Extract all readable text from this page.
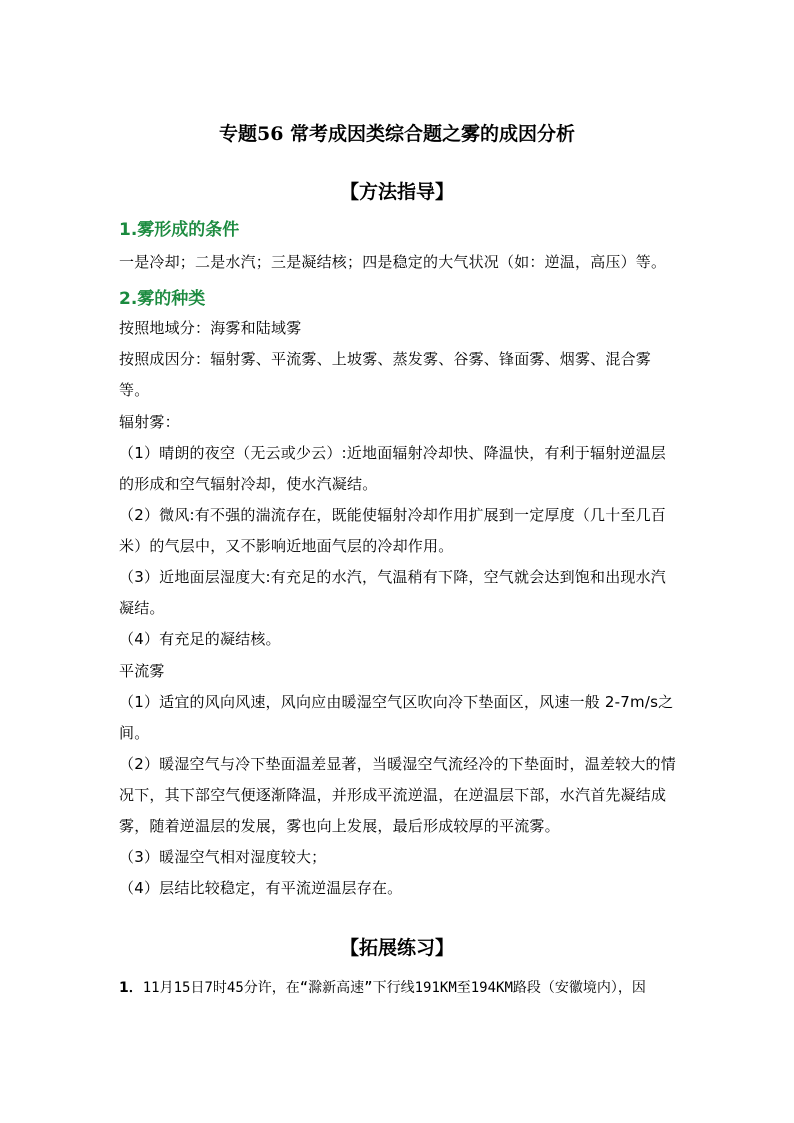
专题56 常考成因类综合题之雾的成因分析
【方法指导】
1.雾形成的条件
一是冷却；二是水汽；三是凝结核；四是稳定的大气状况（如：逆温，高压）等。
2.雾的种类
按照地域分：海雾和陆域雾
按照成因分：辐射雾、平流雾、上坡雾、蒸发雾、谷雾、锋面雾、烟雾、混合雾等。
辐射雾：
（1）晴朗的夜空（无云或少云）:近地面辐射冷却快、降温快，有利于辐射逆温层的形成和空气辐射冷却，使水汽凝结。
（2）微风:有不强的湍流存在，既能使辐射冷却作用扩展到一定厚度（几十至几百米）的气层中，又不影响近地面气层的冷却作用。
（3）近地面层湿度大:有充足的水汽，气温稍有下降，空气就会达到饱和出现水汽凝结。
（4）有充足的凝结核。
平流雾
（1）适宜的风向风速，风向应由暖湿空气区吹向冷下垫面区，风速一般 2-7m/s之间。
（2）暖湿空气与冷下垫面温差显著，当暖湿空气流经冷的下垫面时，温差较大的情况下，其下部空气便逐渐降温，并形成平流逆温，在逆温层下部，水汽首先凝结成雾，随着逆温层的发展，雾也向上发展，最后形成较厚的平流雾。
（3）暖湿空气相对湿度较大；
（4）层结比较稳定，有平流逆温层存在。
【拓展练习】
1．11月15日7时45分许，在“滁新高速”下行线191KM至194KM路段（安徽境内），因
